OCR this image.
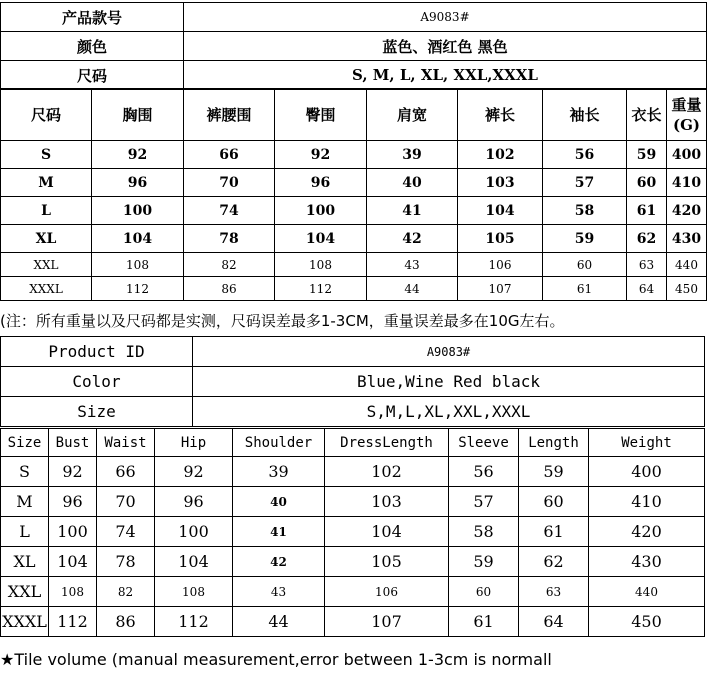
产品款号	A9083#
颜色	蓝色、酒红色 黑色
尺码	S, M, L, XL, XXL,XXXL
尺码	胸围	裤腰围	臀围	肩宽	裤长	袖长	衣长	重量
(G)
S	92	66	92	39	102	56	59	400
M	96	70	96	40	103	57	60	410
L	100	74	100	41	104	58	61	420
XL	104	78	104	42	105	59	62	430
XXL	108	82	108	43	106	60	63	440
XXXL	112	86	112	44	107	61	64	450
(注：所有重量以及尺码都是实测，尺码误差最多1-3CM，重量误差最多在10G左右。
Product ID	A9083#
Color	Blue,Wine Red black
Size	S,M,L,XL,XXL,XXXL
Size	Bust	Waist	Hip	Shoulder	DressLength	Sleeve	Length	Weight
S	92	66	92	39	102	56	59	400
M	96	70	96	40	103	57	60	410
L	100	74	100	41	104	58	61	420
XL	104	78	104	42	105	59	62	430
XXL	108	82	108	43	106	60	63	440
XXXL	112	86	112	44	107	61	64	450
★Tile volume (manual measurement,error between 1-3cm is normall
